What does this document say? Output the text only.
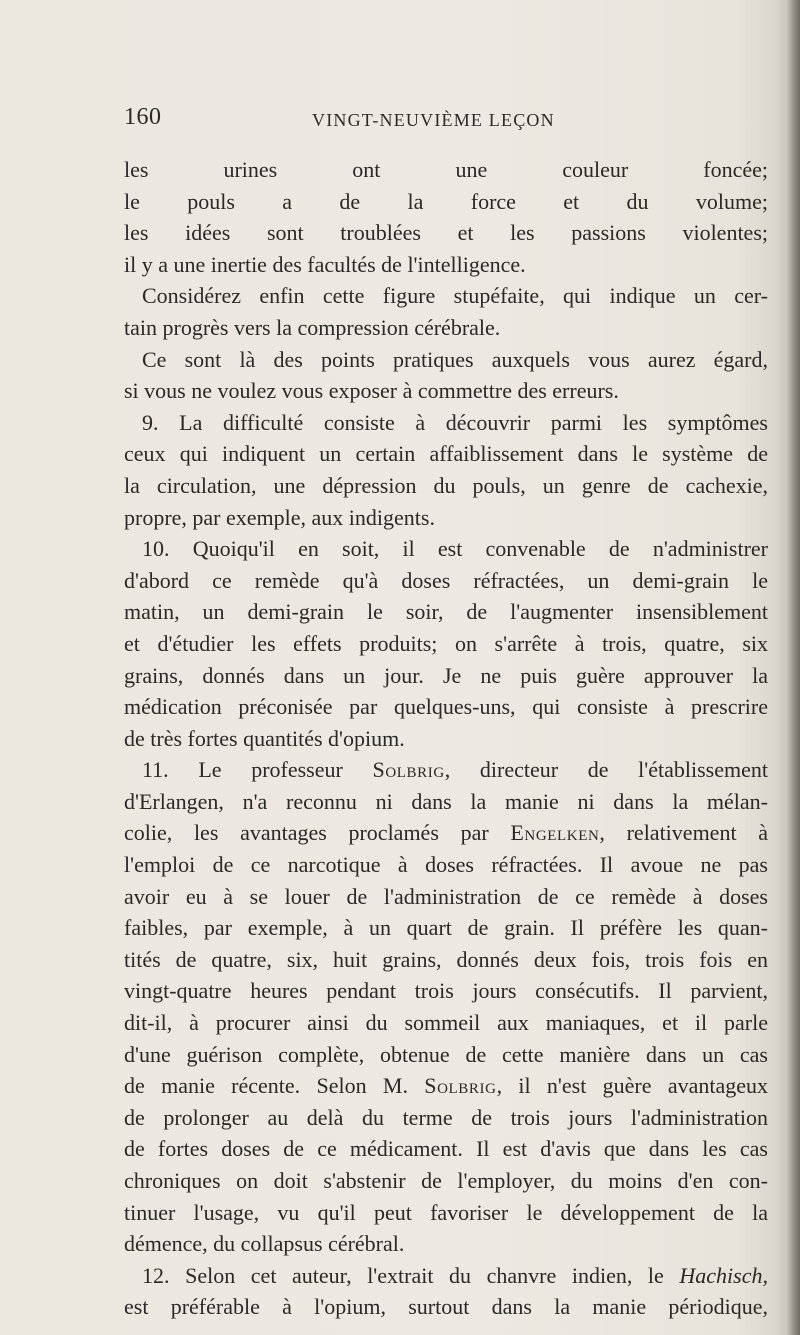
160	VINGT-NEUVIÈME LEÇON
les urines ont une couleur foncée;
le pouls a de la force et du volume;
les idées sont troublées et les passions violentes;
il y a une inertie des facultés de l'intelligence.
Considérez enfin cette figure stupéfaite, qui indique un cer-
tain progrès vers la compression cérébrale.
Ce sont là des points pratiques auxquels vous aurez égard,
si vous ne voulez vous exposer à commettre des erreurs.
9. La difficulté consiste à découvrir parmi les symptômes
ceux qui indiquent un certain affaiblissement dans le système de
la circulation, une dépression du pouls, un genre de cachexie,
propre, par exemple, aux indigents.
10. Quoiqu'il en soit, il est convenable de n'administrer
d'abord ce remède qu'à doses réfractées, un demi-grain le
matin, un demi-grain le soir, de l'augmenter insensiblement
et d'étudier les effets produits; on s'arrête à trois, quatre, six
grains, donnés dans un jour. Je ne puis guère approuver la
médication préconisée par quelques-uns, qui consiste à prescrire
de très fortes quantités d'opium.
11. Le professeur Solbrig, directeur de l'établissement
d'Erlangen, n'a reconnu ni dans la manie ni dans la mélan-
colie, les avantages proclamés par Engelken, relativement à
l'emploi de ce narcotique à doses réfractées. Il avoue ne pas
avoir eu à se louer de l'administration de ce remède à doses
faibles, par exemple, à un quart de grain. Il préfère les quan-
tités de quatre, six, huit grains, donnés deux fois, trois fois en
vingt-quatre heures pendant trois jours consécutifs. Il parvient,
dit-il, à procurer ainsi du sommeil aux maniaques, et il parle
d'une guérison complète, obtenue de cette manière dans un cas
de manie récente. Selon M. Solbrig, il n'est guère avantageux
de prolonger au delà du terme de trois jours l'administration
de fortes doses de ce médicament. Il est d'avis que dans les cas
chroniques on doit s'abstenir de l'employer, du moins d'en con-
tinuer l'usage, vu qu'il peut favoriser le développement de la
démence, du collapsus cérébral.
12. Selon cet auteur, l'extrait du chanvre indien, le Hachisch,
est préférable à l'opium, surtout dans la manie périodique,
